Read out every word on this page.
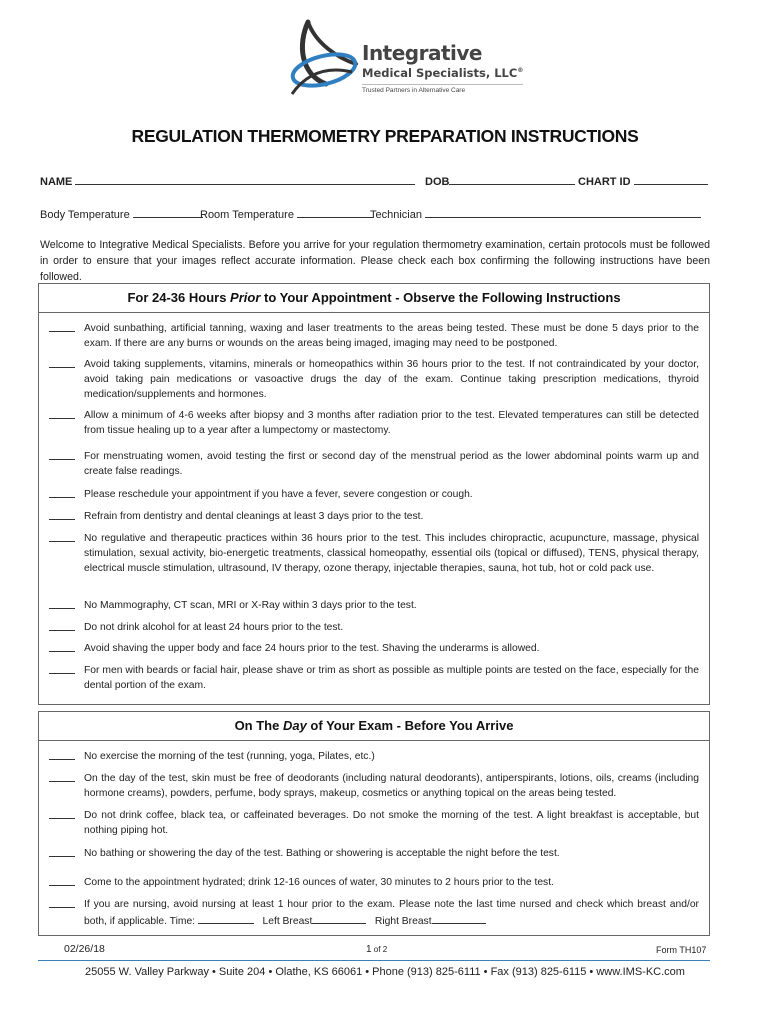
Integrative
Medical Specialists, LLC®
Trusted Partners in Alternative Care
REGULATION THERMOMETRY PREPARATION INSTRUCTIONS
NAME	DOB	CHART ID
Body Temperature	Room Temperature	Technician
Welcome to Integrative Medical Specialists. Before you arrive for your regulation thermometry examination, certain protocols must be followed in order to ensure that your images reflect accurate information. Please check each box confirming the following instructions have been followed.
For 24-36 Hours Prior to Your Appointment - Observe the Following Instructions
Avoid sunbathing, artificial tanning, waxing and laser treatments to the areas being tested. These must be done 5 days prior to the exam. If there are any burns or wounds on the areas being imaged, imaging may need to be postponed.
Avoid taking supplements, vitamins, minerals or homeopathics within 36 hours prior to the test. If not contraindicated by your doctor, avoid taking pain medications or vasoactive drugs the day of the exam. Continue taking prescription medications, thyroid medication/supplements and hormones.
Allow a minimum of 4-6 weeks after biopsy and 3 months after radiation prior to the test. Elevated temperatures can still be detected from tissue healing up to a year after a lumpectomy or mastectomy.
For menstruating women, avoid testing the first or second day of the menstrual period as the lower abdominal points warm up and create false readings.
Please reschedule your appointment if you have a fever, severe congestion or cough.
Refrain from dentistry and dental cleanings at least 3 days prior to the test.
No regulative and therapeutic practices within 36 hours prior to the test. This includes chiropractic, acupuncture, massage, physical stimulation, sexual activity, bio-energetic treatments, classical homeopathy, essential oils (topical or diffused), TENS, physical therapy, electrical muscle stimulation, ultrasound, IV therapy, ozone therapy, injectable therapies, sauna, hot tub, hot or cold pack use.
No Mammography, CT scan, MRI or X-Ray within 3 days prior to the test.
Do not drink alcohol for at least 24 hours prior to the test.
Avoid shaving the upper body and face 24 hours prior to the test. Shaving the underarms is allowed.
For men with beards or facial hair, please shave or trim as short as possible as multiple points are tested on the face, especially for the dental portion of the exam.
On The Day of Your Exam - Before You Arrive
No exercise the morning of the test (running, yoga, Pilates, etc.)
On the day of the test, skin must be free of deodorants (including natural deodorants), antiperspirants, lotions, oils, creams (including hormone creams), powders, perfume, body sprays, makeup, cosmetics or anything topical on the areas being tested.
Do not drink coffee, black tea, or caffeinated beverages. Do not smoke the morning of the test. A light breakfast is acceptable, but nothing piping hot.
No bathing or showering the day of the test. Bathing or showering is acceptable the night before the test.
Come to the appointment hydrated; drink 12-16 ounces of water, 30 minutes to 2 hours prior to the test.
If you are nursing, avoid nursing at least 1 hour prior to the exam. Please note the last time nursed and check which breast and/or both, if applicable. Time:	Left Breast	Right Breast
02/26/18	1 of 2	Form TH107
25055 W. Valley Parkway • Suite 204 • Olathe, KS 66061 • Phone (913) 825-6111 • Fax (913) 825-6115 • www.IMS-KC.com
